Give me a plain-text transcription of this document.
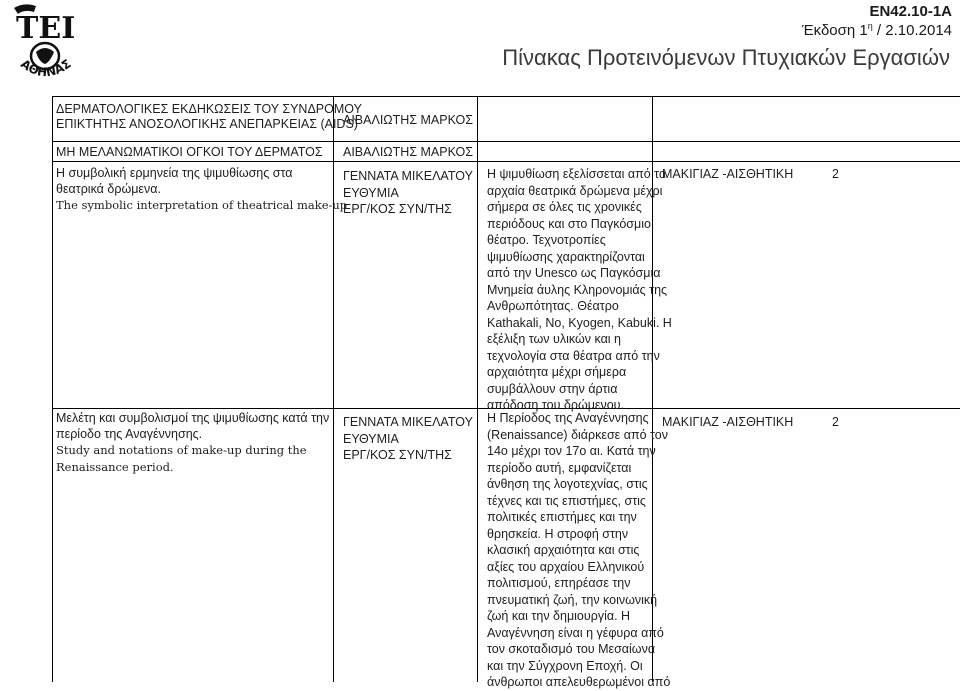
ΤΕΙ
ΑΘΗΝΑΣ
EN42.10-1A
Έκδοση $1^\eta / 2.10.2014$
Πίνακας Προτεινόμενων Πτυχιακών Εργασιών
ΔΕΡΜΑΤΟΛΟΓΙΚΕΣ ΕΚΔΗΚΩΣΕΙΣ ΤΟΥ ΣΥΝΔΡΟΜΟΥ
ΕΠΙΚΤΗΤΗΣ ΑΝΟΣΟΛΟΓΙΚΗΣ ΑΝΕΠΑΡΚΕΙΑΣ (AIDS)
ΑΙΒΑΛΙΩΤΗΣ ΜΑΡΚΟΣ
ΜΗ ΜΕΛΑΝΩΜΑΤΙΚΟΙ ΟΓΚΟΙ ΤΟΥ ΔΕΡΜΑΤΟΣ ΑΙΒΑΛΙΩΤΗΣ ΜΑΡΚΟΣ
Η συμβολική ερμηνεία της ψιμυθίωσης στα
θεατρικά δρώμενα.
The symbolic interpretation of theatrical make-up
ΓΕΝΝΑΤΑ ΜΙΚΕΛΑΤΟΥ
ΕΥΘΥΜΙΑ
ΕΡΓ/ΚΟΣ ΣΥΝ/ΤΗΣ
Η ψιμυθίωση εξελίσσεται από τα
αρχαία θεατρικά δρώμενα μέχρι
σήμερα σε όλες τις χρονικές
περιόδους και στο Παγκόσμιο
θέατρο. Τεχνοτροπίες
ψιμυθίωσης χαρακτηρίζονται
από την Unesco ως Παγκόσμια
Μνημεία άυλης Κληρονομιάς της
Ανθρωπότητας. Θέατρο
Kathakali, No, Kyogen, Kabuki. Η
εξέλιξη των υλικών και η
τεχνολογία στα θέατρα από την
αρχαιότητα μέχρι σήμερα
συμβάλλουν στην άρτια
απόδοση του δρώμενου.
ΜΑΚΙΓΙΑΖ -ΑΙΣΘΗΤΙΚΗ	2
Μελέτη και συμβολισμοί της ψιμυθίωσης κατά την
περίοδο της Αναγέννησης.
Study and notations of make-up during the
Renaissance period.
ΓΕΝΝΑΤΑ ΜΙΚΕΛΑΤΟΥ
ΕΥΘΥΜΙΑ
ΕΡΓ/ΚΟΣ ΣΥΝ/ΤΗΣ
Η Περίοδος της Αναγέννησης
(Renaissance) διάρκεσε από τον
14ο μέχρι τον 17ο αι. Κατά την
περίοδο αυτή, εμφανίζεται
άνθηση της λογοτεχνίας, στις
τέχνες και τις επιστήμες, στις
πολιτικές επιστήμες και την
θρησκεία. Η στροφή στην
κλασική αρχαιότητα και στις
αξίες του αρχαίου Ελληνικού
πολιτισμού, επηρέασε την
πνευματική ζωή, την κοινωνική
ζωή και την δημιουργία. Η
Αναγέννηση είναι η γέφυρα από
τον σκοταδισμό του Μεσαίωνα
και την Σύγχρονη Εποχή. Οι
άνθρωποι απελευθερωμένοι από
ΜΑΚΙΓΙΑΖ -ΑΙΣΘΗΤΙΚΗ	2
